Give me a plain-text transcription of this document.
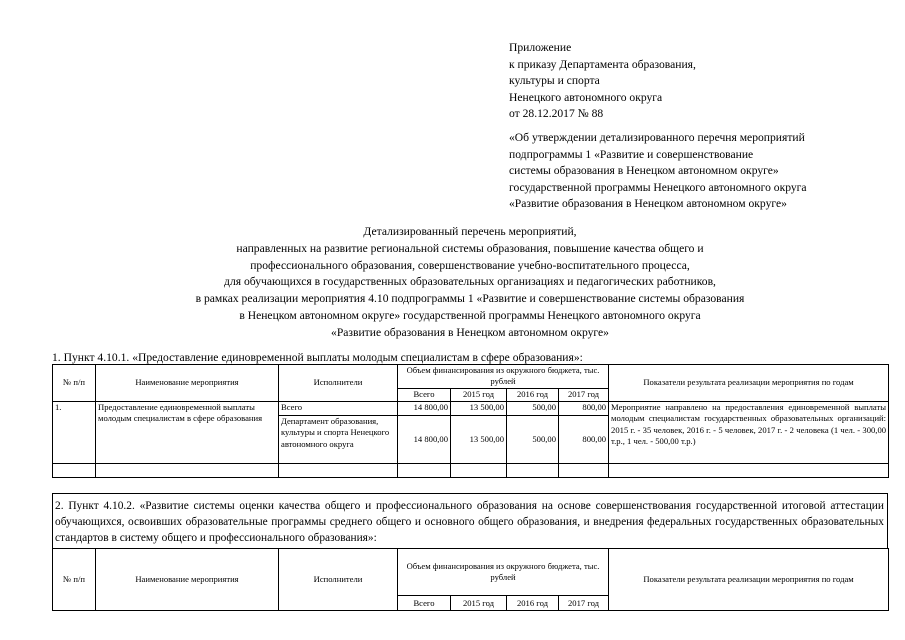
Приложение
к приказу Департамента образования,
культуры и спорта
Ненецкого автономного округа
от 28.12.2017 № 88
«Об утверждении детализированного перечня мероприятий
подпрограммы 1 «Развитие и совершенствование
системы образования в Ненецком автономном округе»
государственной программы Ненецкого автономного округа
«Развитие образования в Ненецком автономном округе»
Детализированный перечень мероприятий,
направленных на развитие региональной системы образования, повышение качества общего и
профессионального образования, совершенствование учебно-воспитательного процесса,
для обучающихся в государственных образовательных организациях и педагогических работников,
в рамках реализации мероприятия 4.10 подпрограммы 1 «Развитие и совершенствование системы образования
в Ненецком автономном округе» государственной программы Ненецкого автономного округа
«Развитие образования в Ненецком автономном округе»
1. Пункт 4.10.1. «Предоставление единовременной выплаты молодым специалистам в сфере образования»:
№ п/п	Наименование мероприятия	Исполнители	Объем финансирования из окружного бюджета, тыс. рублей				Показатели результата реализации мероприятия по годам
			Всего	2015 год	2016 год	2017 год	
1.	Предоставление единовременной выплаты молодым специалистам в сфере образования	Всего	14 800,00	13 500,00	500,00	800,00	Мероприятие направлено на предоставления единовременной выплаты молодым специалистам государственных образовательных организаций: 2015 г. - 35 человек, 2016 г. - 5 человек, 2017 г. - 2 человека (1 чел. - 300,00 т.р., 1 чел. - 500,00 т.р.)
		Департамент образования, культуры и спорта Ненецкого автономного округа	14 800,00	13 500,00	500,00	800,00	

2. Пункт 4.10.2. «Развитие системы оценки качества общего и профессионального образования на основе совершенствования государственной итоговой аттестации обучающихся, освоивших образовательные программы среднего общего и основного общего образования, и внедрения федеральных государственных образовательных стандартов в систему общего и профессионального образования»:
№ п/п	Наименование мероприятия	Исполнители	Объем финансирования из окружного бюджета, тыс. рублей				Показатели результата реализации мероприятия по годам
			Всего	2015 год	2016 год	2017 год	
